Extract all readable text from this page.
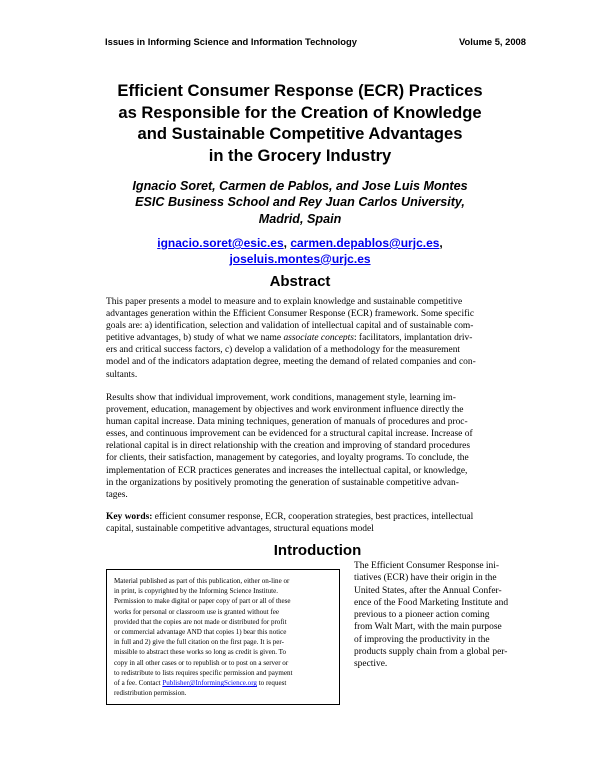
Issues in Informing Science and Information Technology	Volume 5, 2008
Efficient Consumer Response (ECR) Practices
as Responsible for the Creation of Knowledge
and Sustainable Competitive Advantages
in the Grocery Industry
Ignacio Soret, Carmen de Pablos, and Jose Luis Montes
ESIC Business School and Rey Juan Carlos University,
Madrid, Spain
ignacio.soret@esic.es, carmen.depablos@urjc.es,
joseluis.montes@urjc.es
Abstract
This paper presents a model to measure and to explain knowledge and sustainable competitive
advantages generation within the Efficient Consumer Response (ECR) framework. Some specific
goals are: a) identification, selection and validation of intellectual capital and of sustainable com-
petitive advantages, b) study of what we name associate concepts: facilitators, implantation driv-
ers and critical success factors, c) develop a validation of a methodology for the measurement
model and of the indicators adaptation degree, meeting the demand of related companies and con-
sultants.
Results show that individual improvement, work conditions, management style, learning im-
provement, education, management by objectives and work environment influence directly the
human capital increase. Data mining techniques, generation of manuals of procedures and proc-
esses, and continuous improvement can be evidenced for a structural capital increase. Increase of
relational capital is in direct relationship with the creation and improving of standard procedures
for clients, their satisfaction, management by categories, and loyalty programs. To conclude, the
implementation of ECR practices generates and increases the intellectual capital, or knowledge,
in the organizations by positively promoting the generation of sustainable competitive advan-
tages.
Key words: efficient consumer response, ECR, cooperation strategies, best practices, intellectual
capital, sustainable competitive advantages, structural equations model
Introduction
Material published as part of this publication, either on-line or
in print, is copyrighted by the Informing Science Institute.
Permission to make digital or paper copy of part or all of these
works for personal or classroom use is granted without fee
provided that the copies are not made or distributed for profit
or commercial advantage AND that copies 1) bear this notice
in full and 2) give the full citation on the first page. It is per-
missible to abstract these works so long as credit is given. To
copy in all other cases or to republish or to post on a server or
to redistribute to lists requires specific permission and payment
of a fee. Contact Publisher@InformingScience.org to request
redistribution permission.
The Efficient Consumer Response ini-
tiatives (ECR) have their origin in the
United States, after the Annual Confer-
ence of the Food Marketing Institute and
previous to a pioneer action coming
from Walt Mart, with the main purpose
of improving the productivity in the
products supply chain from a global per-
spective.
